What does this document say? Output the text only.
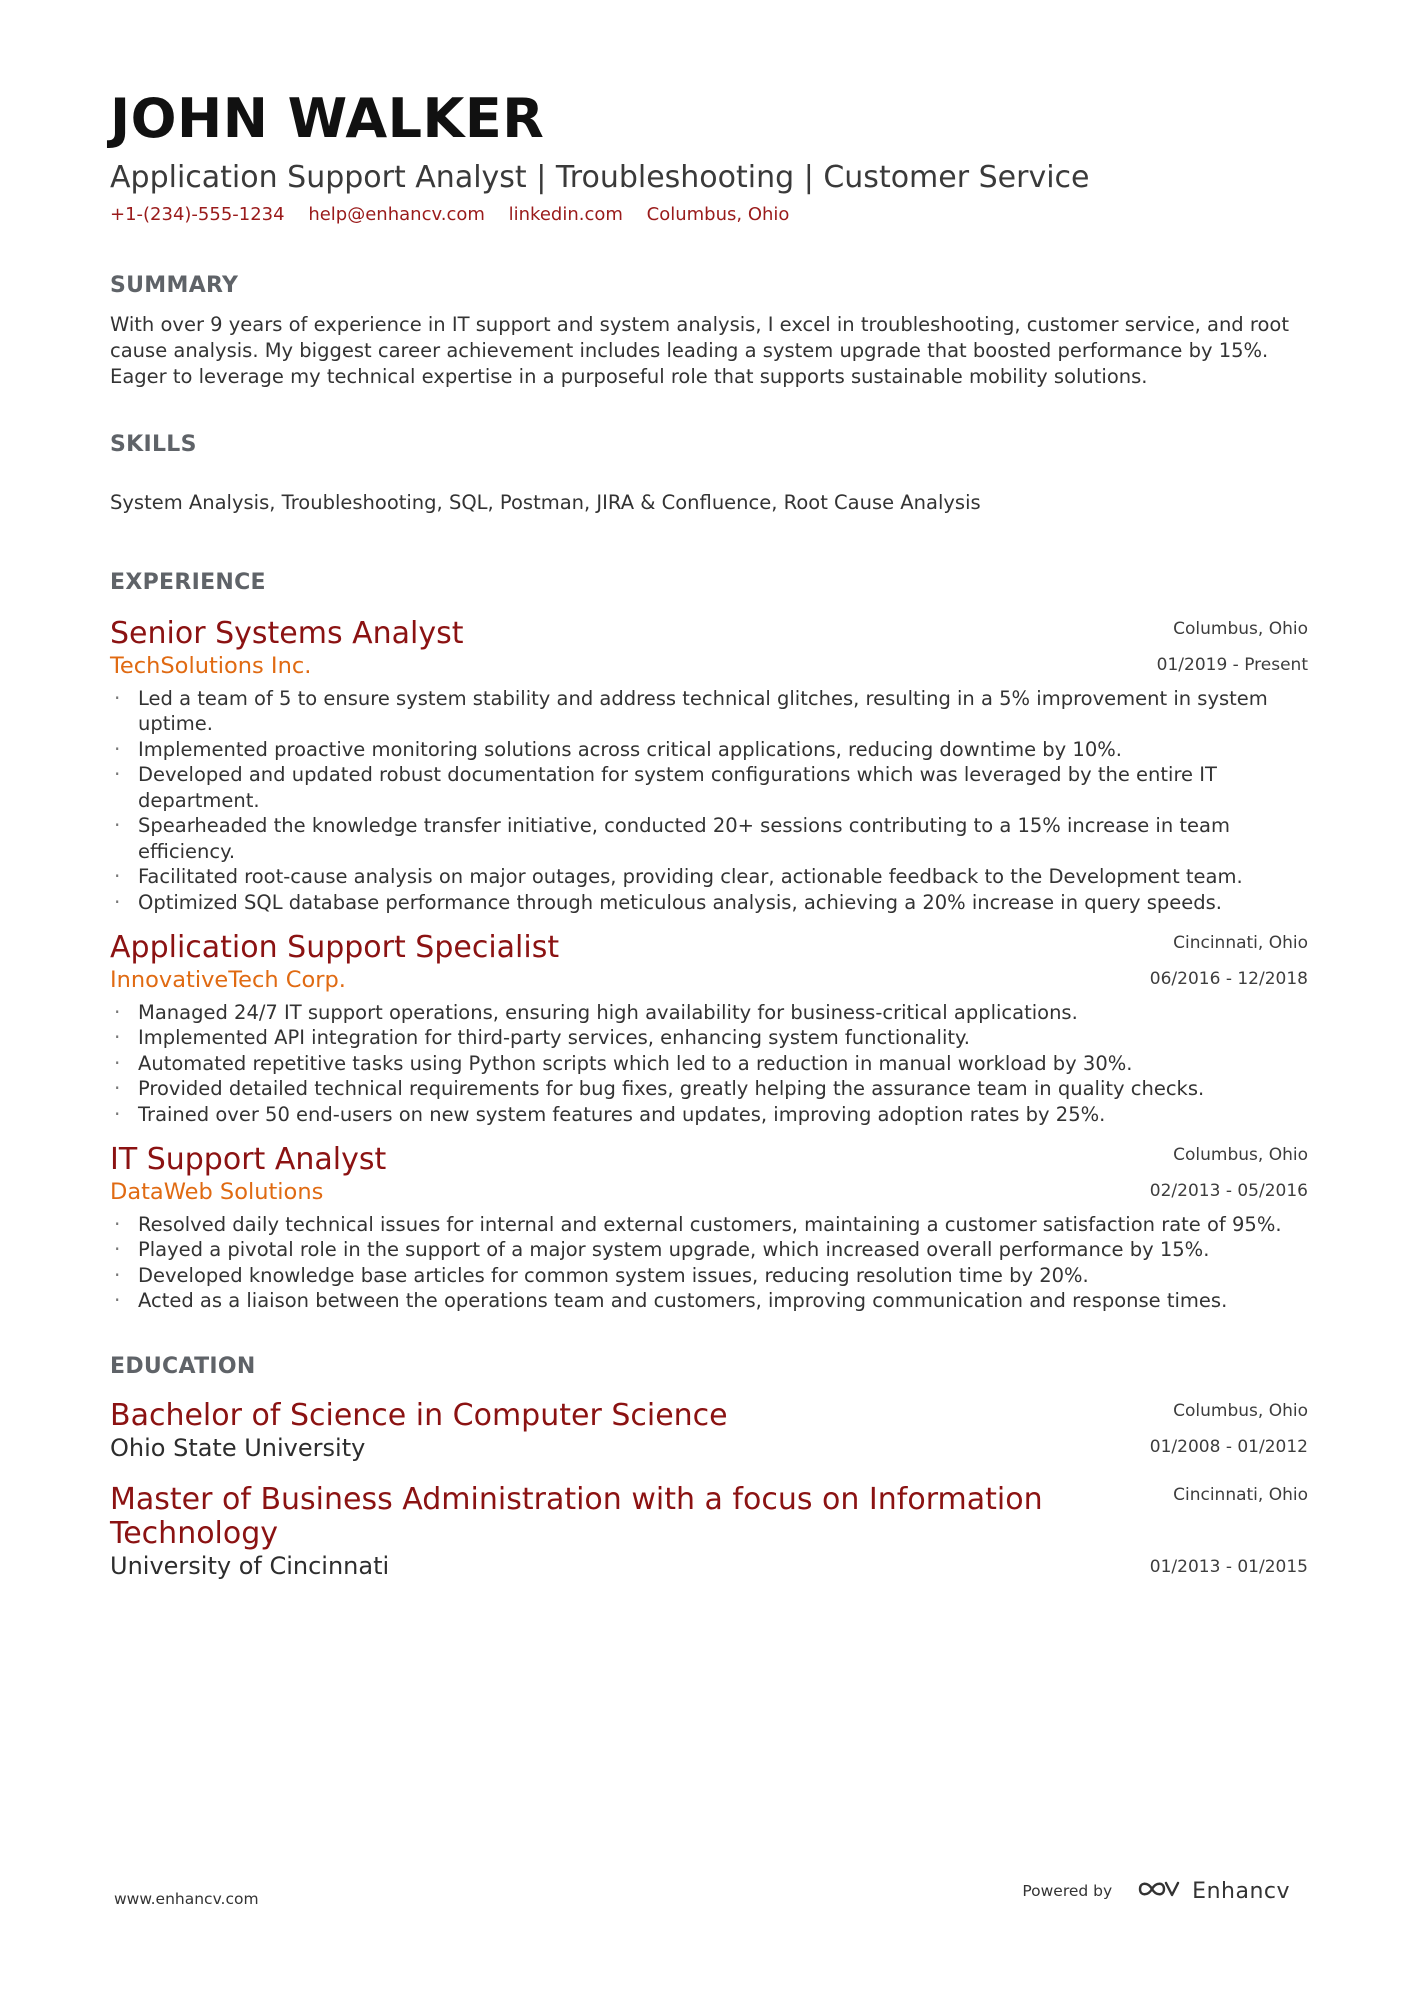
JOHN WALKER
Application Support Analyst | Troubleshooting | Customer Service
+1-(234)-555-1234 help@enhancv.com linkedin.com Columbus, Ohio
SUMMARY
With over 9 years of experience in IT support and system analysis, I excel in troubleshooting, customer service, and root cause analysis. My biggest career achievement includes leading a system upgrade that boosted performance by 15%. Eager to leverage my technical expertise in a purposeful role that supports sustainable mobility solutions.
SKILLS
System Analysis, Troubleshooting, SQL, Postman, JIRA & Confluence, Root Cause Analysis
EXPERIENCE
Senior Systems Analyst
TechSolutions Inc.
Columbus, Ohio
01/2019 - Present
· Led a team of 5 to ensure system stability and address technical glitches, resulting in a 5% improvement in system uptime.
· Implemented proactive monitoring solutions across critical applications, reducing downtime by 10%.
· Developed and updated robust documentation for system configurations which was leveraged by the entire IT department.
· Spearheaded the knowledge transfer initiative, conducted 20+ sessions contributing to a 15% increase in team efficiency.
· Facilitated root-cause analysis on major outages, providing clear, actionable feedback to the Development team.
· Optimized SQL database performance through meticulous analysis, achieving a 20% increase in query speeds.
Application Support Specialist
InnovativeTech Corp.
Cincinnati, Ohio
06/2016 - 12/2018
· Managed 24/7 IT support operations, ensuring high availability for business-critical applications.
· Implemented API integration for third-party services, enhancing system functionality.
· Automated repetitive tasks using Python scripts which led to a reduction in manual workload by 30%.
· Provided detailed technical requirements for bug fixes, greatly helping the assurance team in quality checks.
· Trained over 50 end-users on new system features and updates, improving adoption rates by 25%.
IT Support Analyst
DataWeb Solutions
Columbus, Ohio
02/2013 - 05/2016
· Resolved daily technical issues for internal and external customers, maintaining a customer satisfaction rate of 95%.
· Played a pivotal role in the support of a major system upgrade, which increased overall performance by 15%.
· Developed knowledge base articles for common system issues, reducing resolution time by 20%.
· Acted as a liaison between the operations team and customers, improving communication and response times.
EDUCATION
Bachelor of Science in Computer Science
Ohio State University
Columbus, Ohio
01/2008 - 01/2012
Master of Business Administration with a focus on Information Technology
University of Cincinnati
Cincinnati, Ohio
01/2013 - 01/2015
www.enhancv.com	Powered by	Enhancv
